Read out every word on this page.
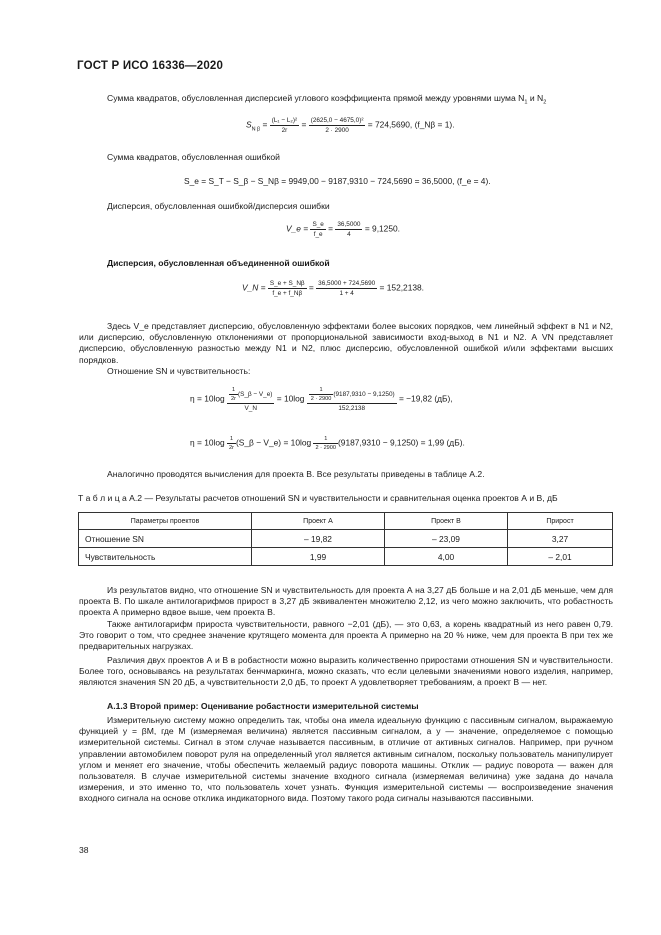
ГОСТ Р ИСО 16336—2020
Сумма квадратов, обусловленная дисперсией углового коэффициента прямой между уровнями шума $N_1$ и $N_2$
$S_{N \beta} = \frac{\text{(L₁ − L₂)²}}{2r} = \frac{\text{(2625,0 − 4675,0)²}}{2 \cdot 2900} = 724,5690$, (f_Nβ = 1).
Сумма квадратов, обусловленная ошибкой
S_e = S_T − S_β − S_Nβ = 9949,00 − 9187,9310 − 724,5690 = 36,5000, (f_e = 4).
Дисперсия, обусловленная ошибкой/дисперсия ошибки
V_e = $\frac{S\_e}{f\_e} = \frac{36,5000}{4} = 9,1250$.
Дисперсия, обусловленная объединенной ошибкой
V_N = $\frac{S\_e + S\_N\beta}{f\_e + f\_N\beta} = \frac{36,5000 + 724,5690}{1 + 4} = 152,2138$.
Здесь V_e представляет дисперсию, обусловленную эффектами более высоких порядков, чем линейный эффект в N1 и N2, или дисперсию, обусловленную отклонениями от пропорциональной зависимости вход-выход в N1 и N2. А VN представляет дисперсию, обусловленную разностью между N1 и N2, плюс дисперсию, обусловленной ошибкой и/или эффектами высших порядков.
Отношение SN и чувствительность:
$\eta = 10\log \frac{\frac{1}{2r} (S\_\beta - V\_e)}{V\_N} = 10\log \frac{\frac{1}{2 \cdot 2900} (9187,9310 - 9,1250)}{152,2138} = -19,82$ (дБ),
$\eta = 10\log \frac{1}{2r}$ (S_β − V_e) = $10\log \frac{1}{2 \cdot 2900} (9187,9310 - 9,1250) = 1,99$ (дБ).
Аналогично проводятся вычисления для проекта В. Все результаты приведены в таблице А.2.
Т а б л и ц а А.2 — Результаты расчетов отношений SN и чувствительности и сравнительная оценка проектов А и В, дБ
Параметры проектов	Проект А	Проект В	Прирост
Отношение SN	– 19,82	– 23,09	3,27
Чувствительность	1,99	4,00	– 2,01
Из результатов видно, что отношение SN и чувствительность для проекта А на 3,27 дБ больше и на 2,01 дБ меньше, чем для проекта В. По шкале антилогарифмов прирост в 3,27 дБ эквивалентен множителю 2,12, из чего можно заключить, что робастность проекта А примерно вдвое выше, чем проекта В.
Также антилогарифм прироста чувствительности, равного −2,01 (дБ), — это 0,63, а корень квадратный из него равен 0,79. Это говорит о том, что среднее значение крутящего момента для проекта А примерно на 20 % ниже, чем для проекта В при тех же предварительных нагрузках.
Различия двух проектов А и В в робастности можно выразить количественно приростами отношения SN и чувствительности. Более того, основываясь на результатах бенчмаркинга, можно сказать, что если целевыми значениями нового изделия, например, являются значения SN 20 дБ, а чувствительности 2,0 дБ, то проект А удовлетворяет требованиям, а проект В — нет.
А.1.3 Второй пример: Оценивание робастности измерительной системы
Измерительную систему можно определить так, чтобы она имела идеальную функцию с пассивным сигналом, выражаемую функцией y = βM, где M (измеряемая величина) является пассивным сигналом, а y — значение, определяемое с помощью измерительной системы. Сигнал в этом случае называется пассивным, в отличие от активных сигналов. Например, при ручном управлении автомобилем поворот руля на определенный угол является активным сигналом, поскольку пользователь манипулирует углом и меняет его значение, чтобы обеспечить желаемый радиус поворота машины. Отклик — радиус поворота — важен для пользователя. В случае измерительной системы значение входного сигнала (измеряемая величина) уже задана до начала измерения, и это именно то, что пользователь хочет узнать. Функция измерительной системы — воспроизведение значения входного сигнала на основе отклика индикаторного вида. Поэтому такого рода сигналы называются пассивными.
38
